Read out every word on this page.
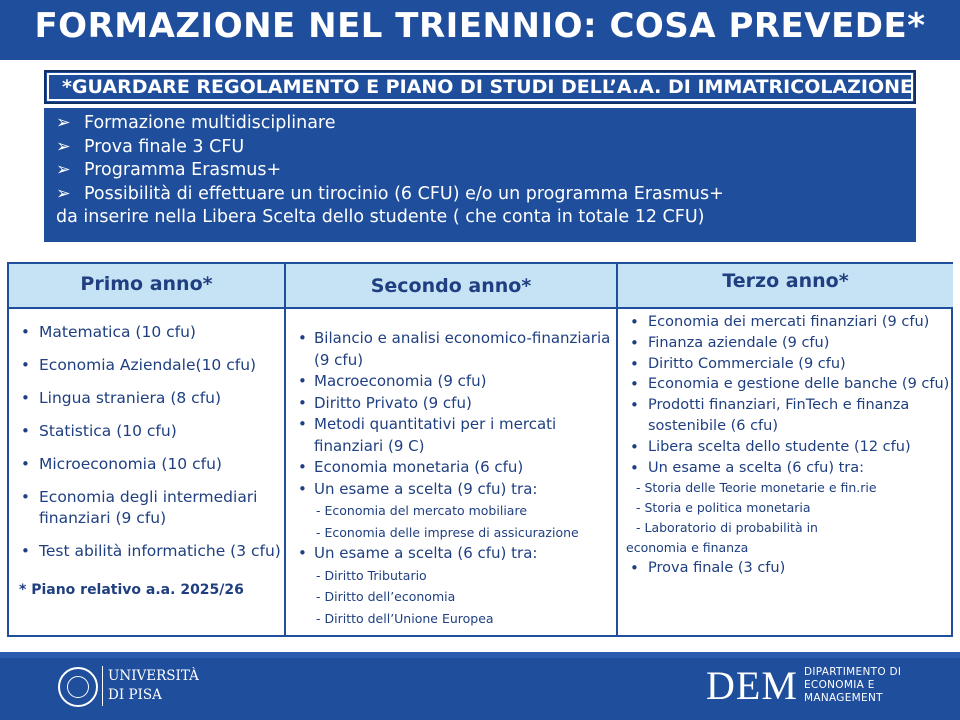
FORMAZIONE NEL TRIENNIO: COSA PREVEDE*
*GUARDARE REGOLAMENTO E PIANO DI STUDI DELL’A.A. DI IMMATRICOLAZIONE
➢ Formazione multidisciplinare
➢ Prova finale 3 CFU
➢ Programma Erasmus+
➢ Possibilità di effettuare un tirocinio (6 CFU) e/o un programma Erasmus+
da inserire nella Libera Scelta dello studente ( che conta in totale 12 CFU)
Primo anno*
• Matematica (10 cfu)
• Economia Aziendale(10 cfu)
• Lingua straniera (8 cfu)
• Statistica (10 cfu)
• Microeconomia (10 cfu)
• Economia degli intermediari finanziari (9 cfu)
• Test abilità informatiche (3 cfu)
* Piano relativo a.a. 2025/26
Secondo anno*
• Bilancio e analisi economico-finanziaria (9 cfu)
• Macroeconomia (9 cfu)
• Diritto Privato (9 cfu)
• Metodi quantitativi per i mercati finanziari (9 C)
• Economia monetaria (6 cfu)
• Un esame a scelta (9 cfu) tra:
- Economia del mercato mobiliare
- Economia delle imprese di assicurazione
• Un esame a scelta (6 cfu) tra:
- Diritto Tributario
- Diritto dell’economia
- Diritto dell’Unione Europea
Terzo anno*
• Economia dei mercati finanziari (9 cfu)
• Finanza aziendale (9 cfu)
• Diritto Commerciale (9 cfu)
• Economia e gestione delle banche (9 cfu)
• Prodotti finanziari, FinTech e finanza sostenibile (6 cfu)
• Libera scelta dello studente (12 cfu)
• Un esame a scelta (6 cfu) tra:
- Storia delle Teorie monetarie e fin.rie
- Storia e politica monetaria
- Laboratorio di probabilità in
economia e finanza
• Prova finale (3 cfu)
UNIVERSITÀ
DI PISA	DEM DIPARTIMENTO DI
ECONOMIA E
MANAGEMENT
